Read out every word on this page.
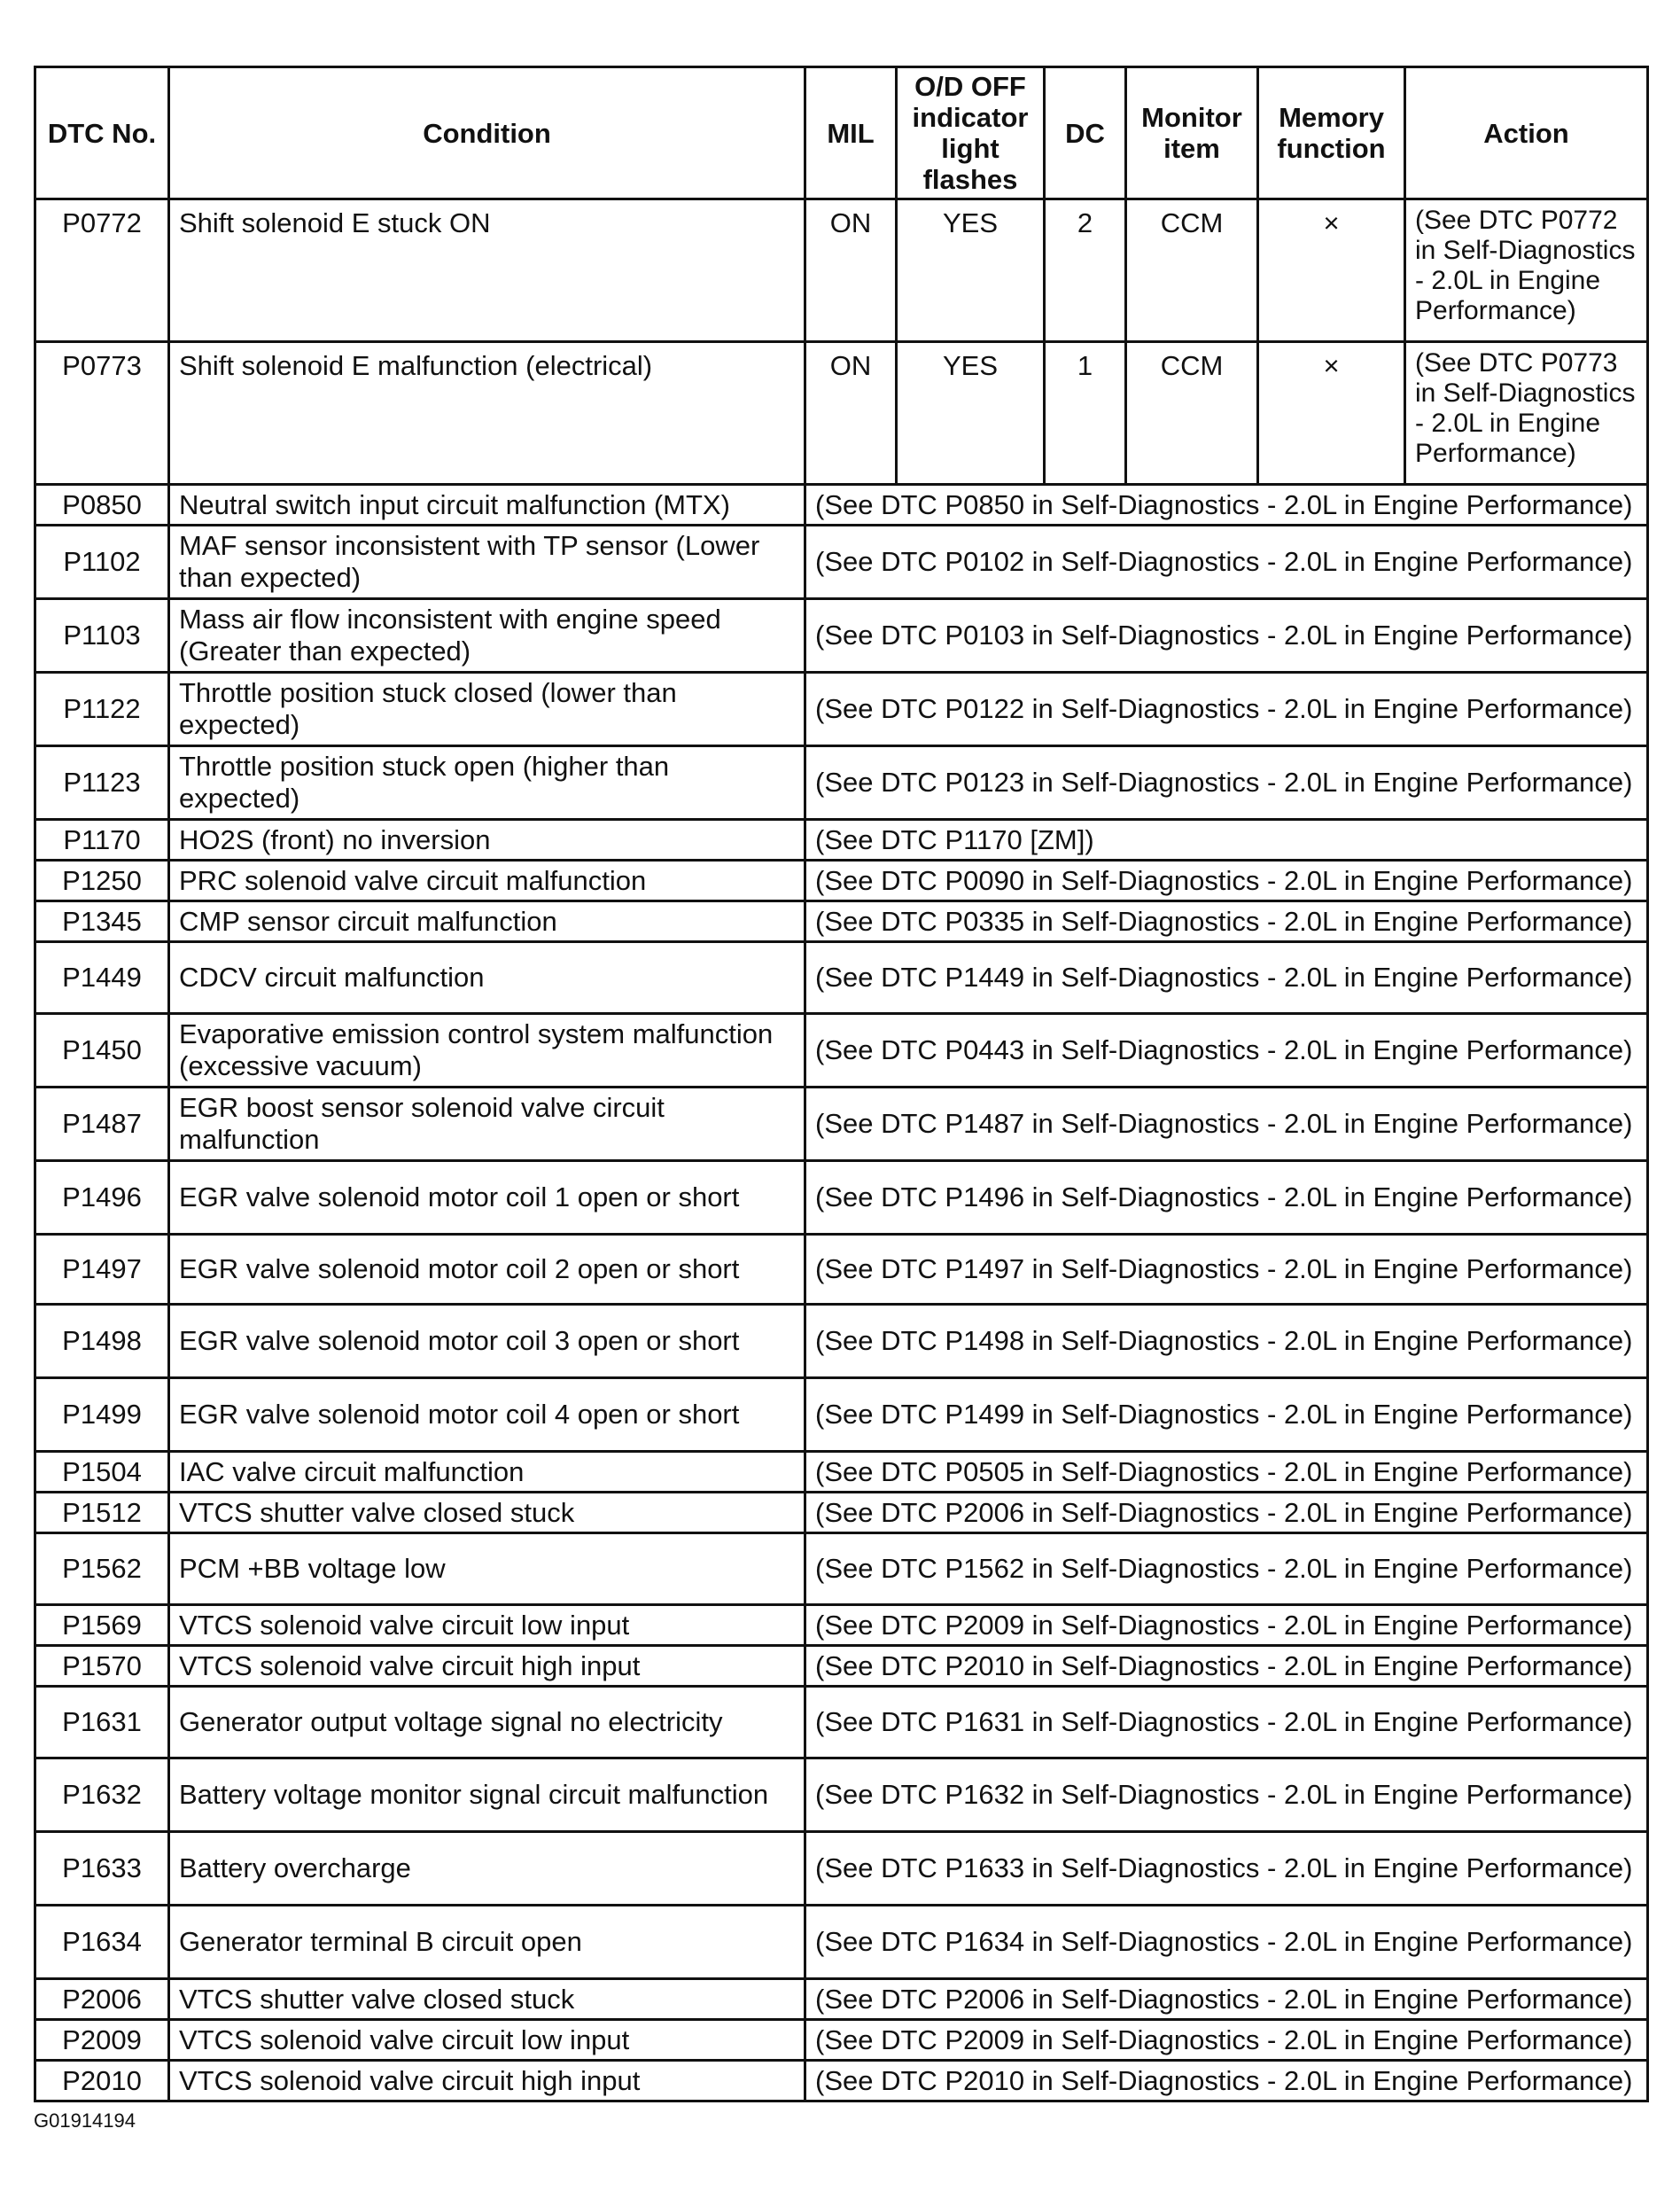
DTC No.	Condition	MIL	O/D OFF indicator light flashes	DC	Monitor item	Memory function	Action
P0772	Shift solenoid E stuck ON	ON	YES	2	CCM	×	(See DTC P0772 in Self-Diagnostics - 2.0L in Engine Performance)
P0773	Shift solenoid E malfunction (electrical)	ON	YES	1	CCM	×	(See DTC P0773 in Self-Diagnostics - 2.0L in Engine Performance)
P0850	Neutral switch input circuit malfunction (MTX)	(See DTC P0850 in Self-Diagnostics - 2.0L in Engine Performance)					
P1102	MAF sensor inconsistent with TP sensor (Lower than expected)	(See DTC P0102 in Self-Diagnostics - 2.0L in Engine Performance)					
P1103	Mass air flow inconsistent with engine speed (Greater than expected)	(See DTC P0103 in Self-Diagnostics - 2.0L in Engine Performance)					
P1122	Throttle position stuck closed (lower than expected)	(See DTC P0122 in Self-Diagnostics - 2.0L in Engine Performance)					
P1123	Throttle position stuck open (higher than expected)	(See DTC P0123 in Self-Diagnostics - 2.0L in Engine Performance)					
P1170	HO2S (front) no inversion	(See DTC P1170 [ZM])					
P1250	PRC solenoid valve circuit malfunction	(See DTC P0090 in Self-Diagnostics - 2.0L in Engine Performance)					
P1345	CMP sensor circuit malfunction	(See DTC P0335 in Self-Diagnostics - 2.0L in Engine Performance)					
P1449	CDCV circuit malfunction	(See DTC P1449 in Self-Diagnostics - 2.0L in Engine Performance)					
P1450	Evaporative emission control system malfunction (excessive vacuum)	(See DTC P0443 in Self-Diagnostics - 2.0L in Engine Performance)					
P1487	EGR boost sensor solenoid valve circuit malfunction	(See DTC P1487 in Self-Diagnostics - 2.0L in Engine Performance)					
P1496	EGR valve solenoid motor coil 1 open or short	(See DTC P1496 in Self-Diagnostics - 2.0L in Engine Performance)					
P1497	EGR valve solenoid motor coil 2 open or short	(See DTC P1497 in Self-Diagnostics - 2.0L in Engine Performance)					
P1498	EGR valve solenoid motor coil 3 open or short	(See DTC P1498 in Self-Diagnostics - 2.0L in Engine Performance)					
P1499	EGR valve solenoid motor coil 4 open or short	(See DTC P1499 in Self-Diagnostics - 2.0L in Engine Performance)					
P1504	IAC valve circuit malfunction	(See DTC P0505 in Self-Diagnostics - 2.0L in Engine Performance)					
P1512	VTCS shutter valve closed stuck	(See DTC P2006 in Self-Diagnostics - 2.0L in Engine Performance)					
P1562	PCM +BB voltage low	(See DTC P1562 in Self-Diagnostics - 2.0L in Engine Performance)					
P1569	VTCS solenoid valve circuit low input	(See DTC P2009 in Self-Diagnostics - 2.0L in Engine Performance)					
P1570	VTCS solenoid valve circuit high input	(See DTC P2010 in Self-Diagnostics - 2.0L in Engine Performance)					
P1631	Generator output voltage signal no electricity	(See DTC P1631 in Self-Diagnostics - 2.0L in Engine Performance)					
P1632	Battery voltage monitor signal circuit malfunction	(See DTC P1632 in Self-Diagnostics - 2.0L in Engine Performance)					
P1633	Battery overcharge	(See DTC P1633 in Self-Diagnostics - 2.0L in Engine Performance)					
P1634	Generator terminal B circuit open	(See DTC P1634 in Self-Diagnostics - 2.0L in Engine Performance)					
P2006	VTCS shutter valve closed stuck	(See DTC P2006 in Self-Diagnostics - 2.0L in Engine Performance)					
P2009	VTCS solenoid valve circuit low input	(See DTC P2009 in Self-Diagnostics - 2.0L in Engine Performance)					
P2010	VTCS solenoid valve circuit high input	(See DTC P2010 in Self-Diagnostics - 2.0L in Engine Performance)					
G01914194
